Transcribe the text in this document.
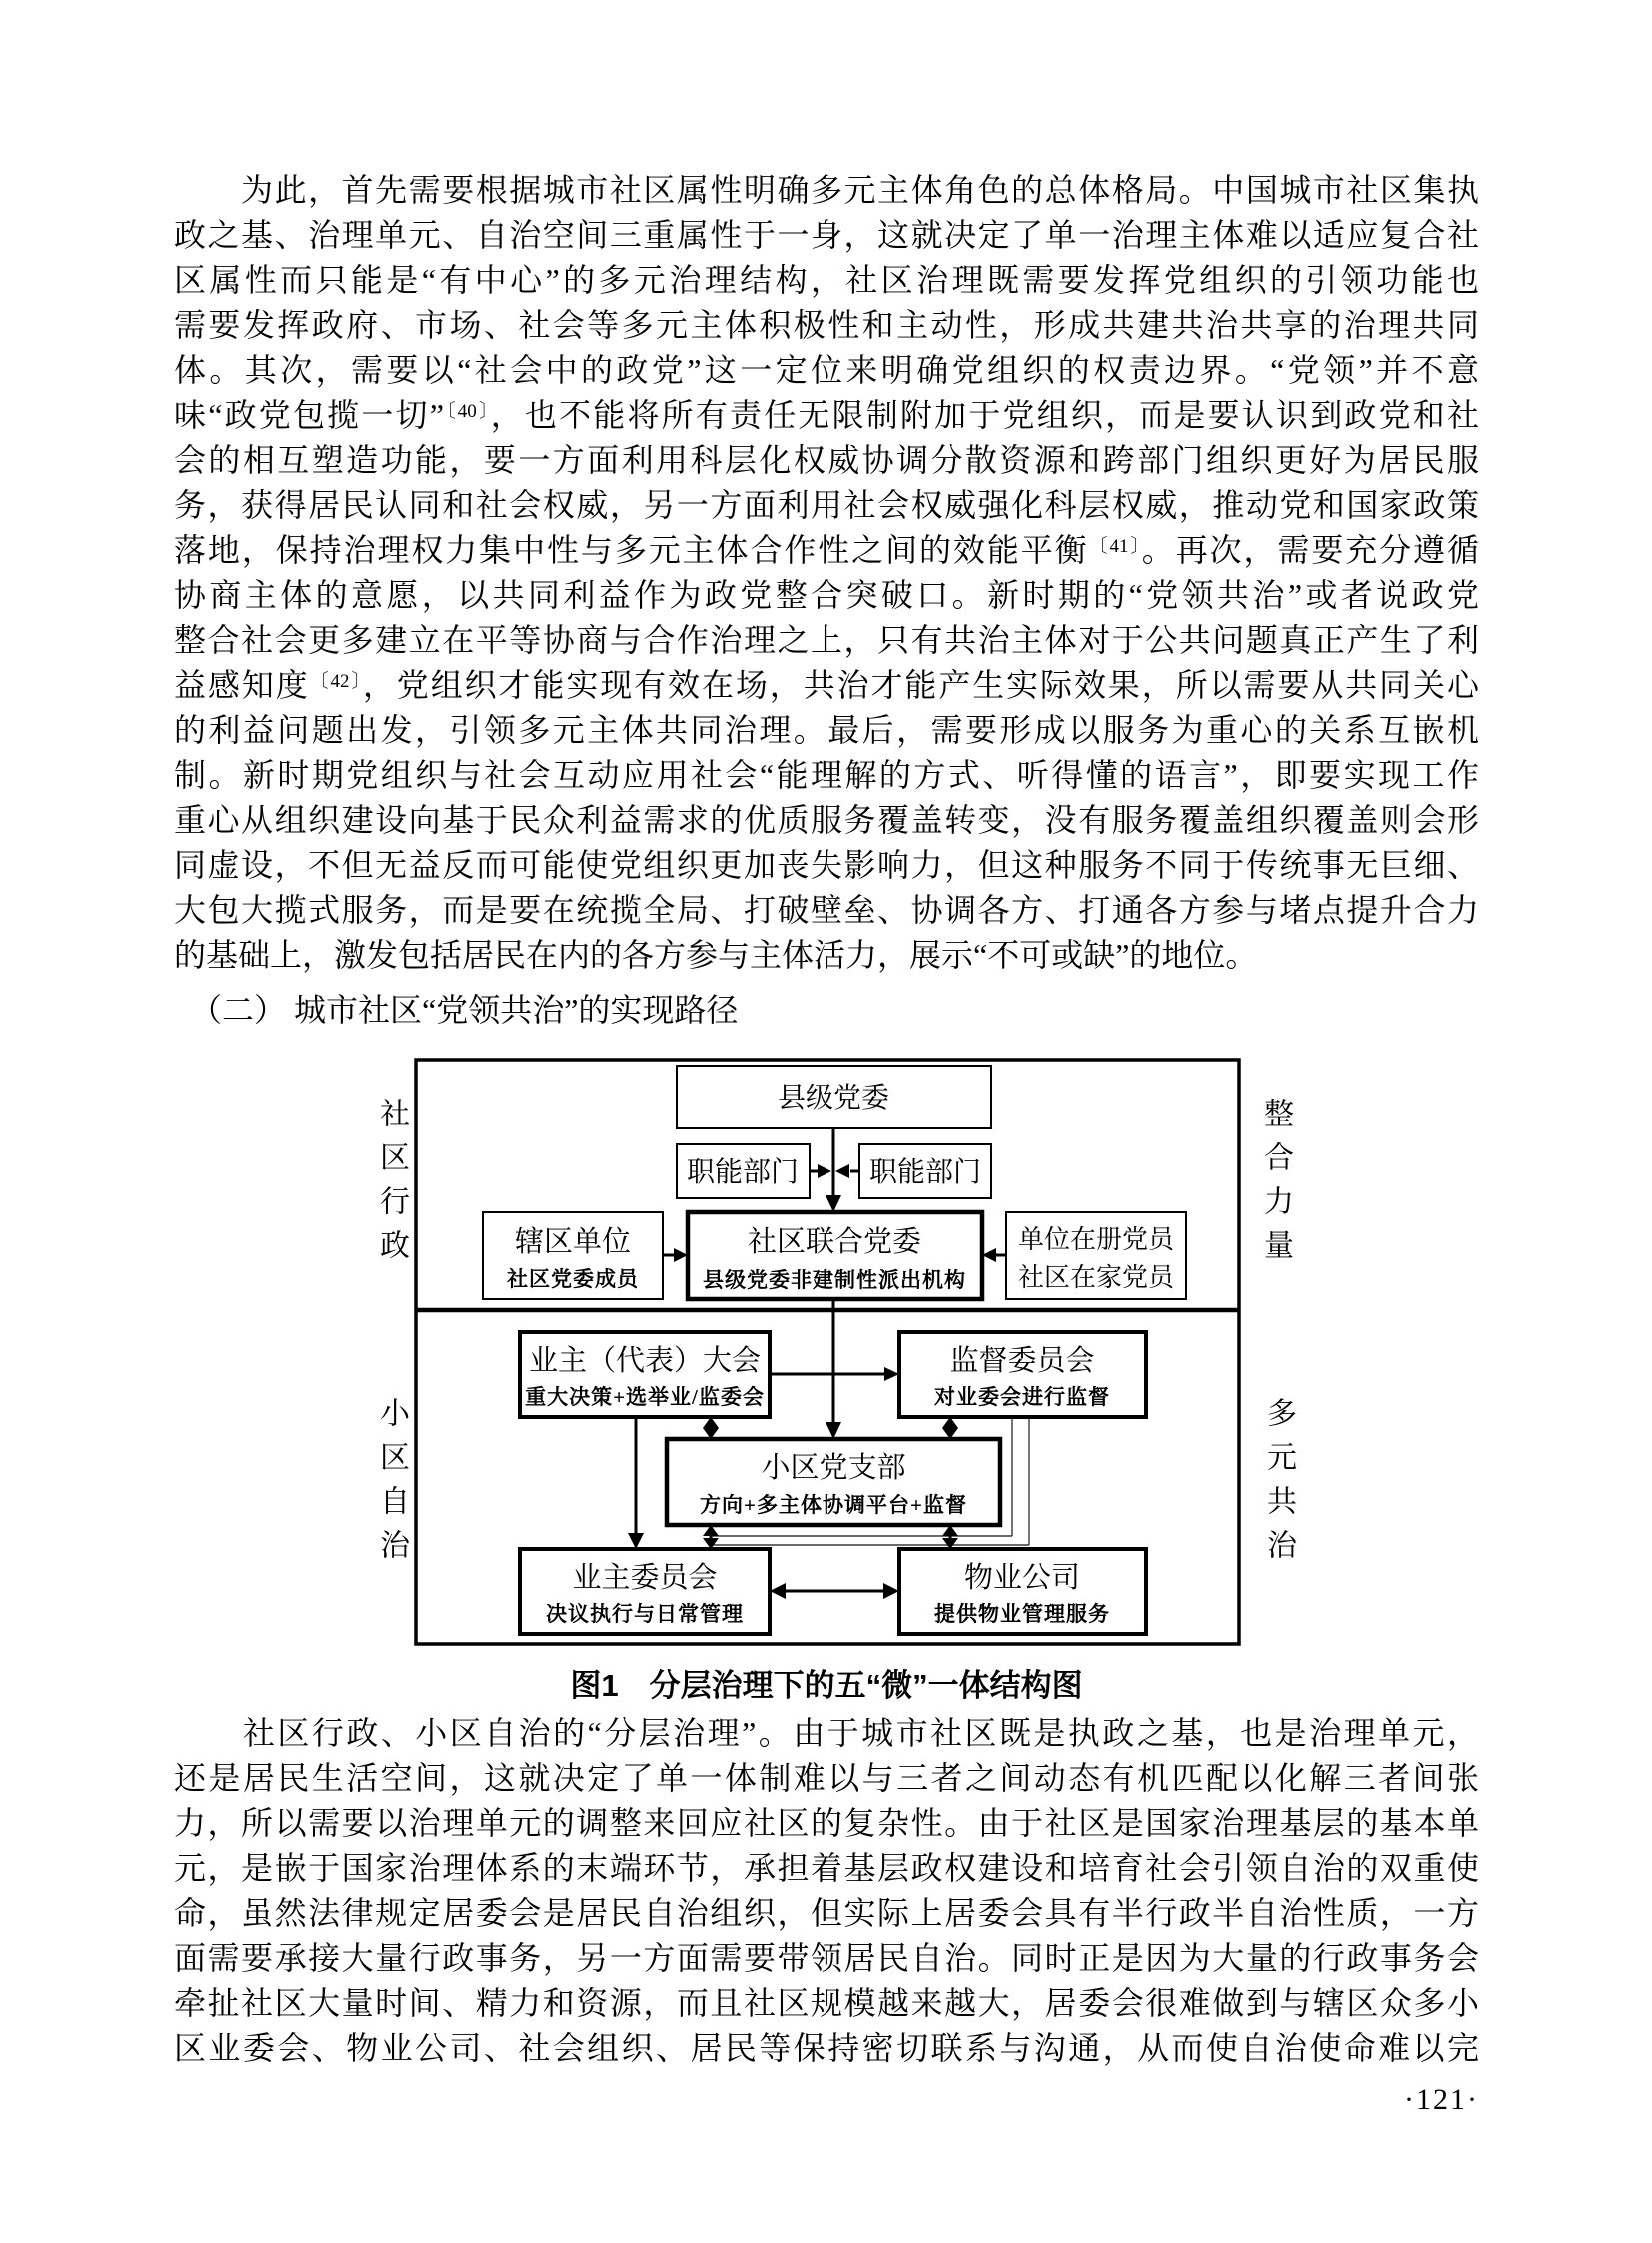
　　为此，首先需要根据城市社区属性明确多元主体角色的总体格局。中国城市社区集执
政之基、治理单元、自治空间三重属性于一身，这就决定了单一治理主体难以适应复合社
区属性而只能是“有中心”的多元治理结构，社区治理既需要发挥党组织的引领功能也
需要发挥政府、市场、社会等多元主体积极性和主动性，形成共建共治共享的治理共同
体。其次，需要以“社会中的政党”这一定位来明确党组织的权责边界。“党领”并不意
味“政党包揽一切”$^{〔40〕}$，也不能将所有责任无限制附加于党组织，而是要认识到政党和社
会的相互塑造功能，要一方面利用科层化权威协调分散资源和跨部门组织更好为居民服
务，获得居民认同和社会权威，另一方面利用社会权威强化科层权威，推动党和国家政策
落地，保持治理权力集中性与多元主体合作性之间的效能平衡$^{〔41〕}$。再次，需要充分遵循
协商主体的意愿，以共同利益作为政党整合突破口。新时期的“党领共治”或者说政党
整合社会更多建立在平等协商与合作治理之上，只有共治主体对于公共问题真正产生了利
益感知度$^{〔42〕}$，党组织才能实现有效在场，共治才能产生实际效果，所以需要从共同关心
的利益问题出发，引领多元主体共同治理。最后，需要形成以服务为重心的关系互嵌机
制。新时期党组织与社会互动应用社会“能理解的方式、听得懂的语言”，即要实现工作
重心从组织建设向基于民众利益需求的优质服务覆盖转变，没有服务覆盖组织覆盖则会形
同虚设，不但无益反而可能使党组织更加丧失影响力，但这种服务不同于传统事无巨细、
大包大揽式服务，而是要在统揽全局、打破壁垒、协调各方、打通各方参与堵点提升合力
的基础上，激发包括居民在内的各方参与主体活力，展示“不可或缺”的地位。
　（二） 城市社区“党领共治”的实现路径
县级党委
职能部门	职能部门
辖区单位
社区党委成员
社区联合党委
县级党委非建制性派出机构
单位在册党员
社区在家党员
业主（代表）大会
重大决策+选举业/监委会
监督委员会
对业委会进行监督
小区党支部
方向+多主体协调平台+监督
业主委员会
决议执行与日常管理
物业公司
提供物业管理服务
社区行政	整合力量
小区自治	多元共治
图1　分层治理下的五“微”一体结构图
　　社区行政、小区自治的“分层治理”。由于城市社区既是执政之基，也是治理单元，
还是居民生活空间，这就决定了单一体制难以与三者之间动态有机匹配以化解三者间张
力，所以需要以治理单元的调整来回应社区的复杂性。由于社区是国家治理基层的基本单
元，是嵌于国家治理体系的末端环节，承担着基层政权建设和培育社会引领自治的双重使
命，虽然法律规定居委会是居民自治组织，但实际上居委会具有半行政半自治性质，一方
面需要承接大量行政事务，另一方面需要带领居民自治。同时正是因为大量的行政事务会
牵扯社区大量时间、精力和资源，而且社区规模越来越大，居委会很难做到与辖区众多小
区业委会、物业公司、社会组织、居民等保持密切联系与沟通，从而使自治使命难以完
·121·
